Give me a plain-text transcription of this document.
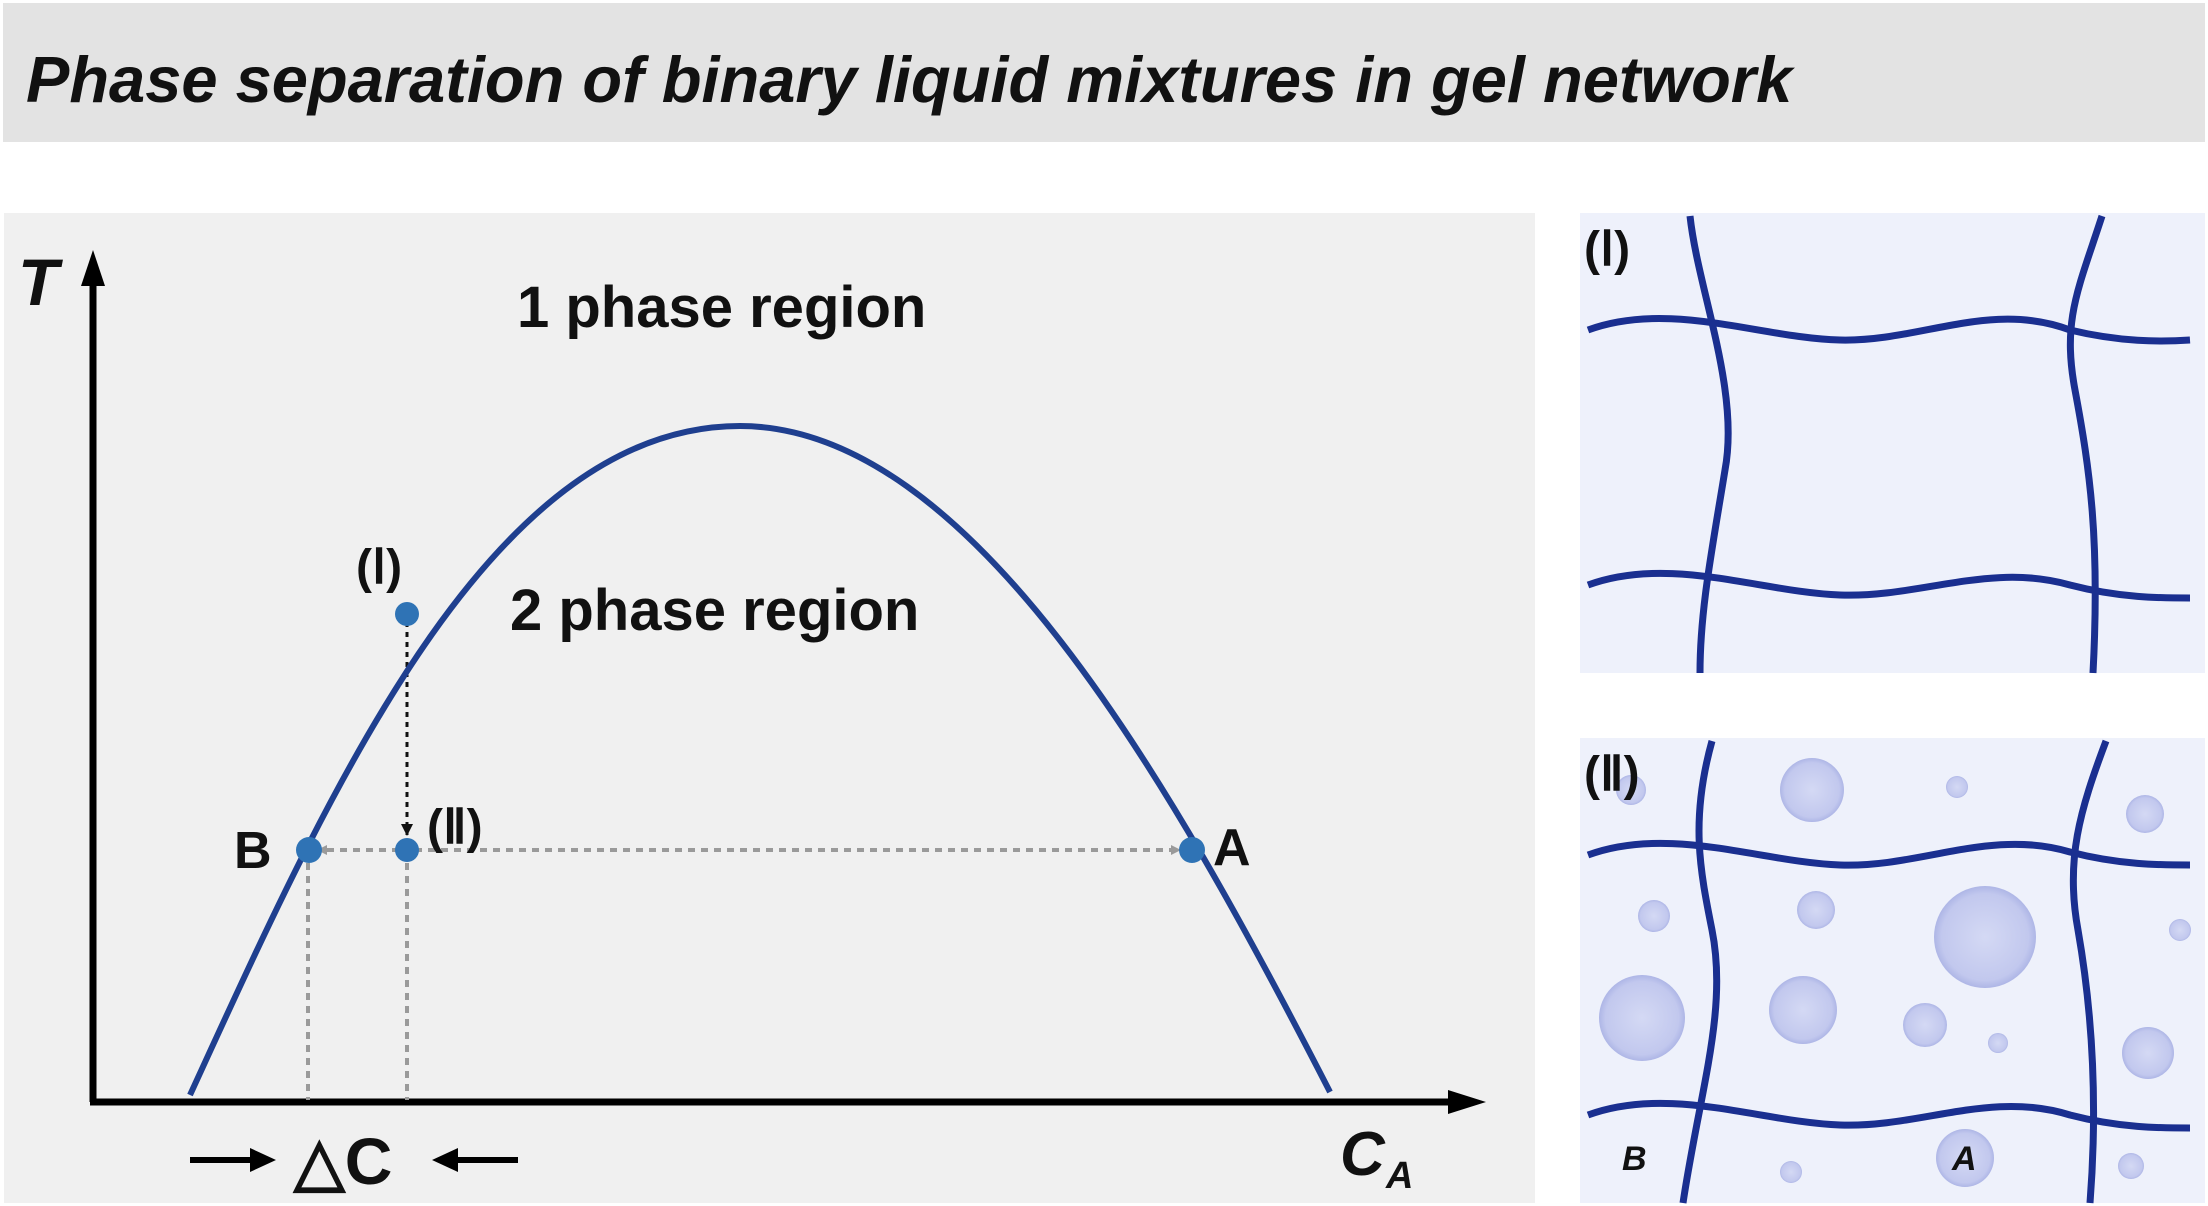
Phase separation of binary liquid mixtures in gel network
T
C A
1 phase region
2 phase region
(Ⅰ)
(Ⅱ)
B	A
△C
(Ⅰ)
(Ⅱ)
B	A
